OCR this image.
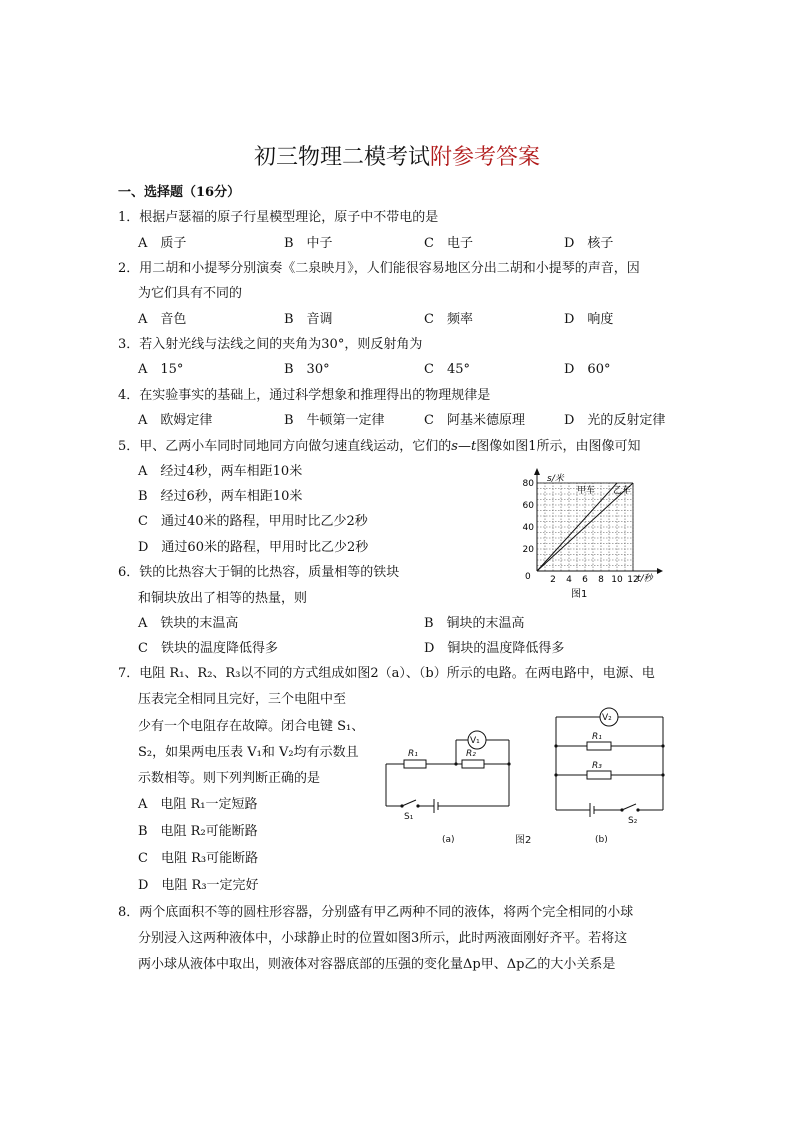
初三物理二模考试附参考答案
一、选择题（16分）
1．根据卢瑟福的原子行星模型理论，原子中不带电的是
A　质子	B　中子	C　电子	D　核子
2．用二胡和小提琴分别演奏《二泉映月》，人们能很容易地区分出二胡和小提琴的声音，因
为它们具有不同的
A　音色	B　音调	C　频率	D　响度
3．若入射光线与法线之间的夹角为30°，则反射角为
A　15°	B　30°	C　45°	D　60°
4．在实验事实的基础上，通过科学想象和推理得出的物理规律是
A　欧姆定律	B　牛顿第一定律	C　阿基米德原理	D　光的反射定律
5．甲、乙两小车同时同地同方向做匀速直线运动，它们的s—t图像如图1所示，由图像可知
A　经过4秒，两车相距10米
B　经过6秒，两车相距10米
C　通过40米的路程，甲用时比乙少2秒
D　通过60米的路程，甲用时比乙少2秒	20
40
60
80
2 4 6 8 10 12
0
s/米
t/秒
甲车 乙车
图1
6．铁的比热容大于铜的比热容，质量相等的铁块
和铜块放出了相等的热量，则
A　铁块的末温高	B　铜块的末温高
C　铁块的温度降低得多	D　铜块的温度降低得多
7．电阻 R₁、R₂、R₃以不同的方式组成如图2（a）、（b）所示的电路。在两电路中，电源、电
压表完全相同且完好，三个电阻中至
少有一个电阻存在故障。闭合电键 S₁、
S₂，如果两电压表 V₁和 V₂均有示数且
示数相等。则下列判断正确的是
A　电阻 R₁一定短路
B　电阻 R₂可能断路
C　电阻 R₃可能断路
D　电阻 R₃一定完好
V₁
R₁	R₂
S₁
(a)	图2	(b)
V₂
R₁
R₃
S₂
8．两个底面积不等的圆柱形容器，分别盛有甲乙两种不同的液体，将两个完全相同的小球
分别浸入这两种液体中，小球静止时的位置如图3所示，此时两液面刚好齐平。若将这
两小球从液体中取出，则液体对容器底部的压强的变化量Δp甲、Δp乙的大小关系是
